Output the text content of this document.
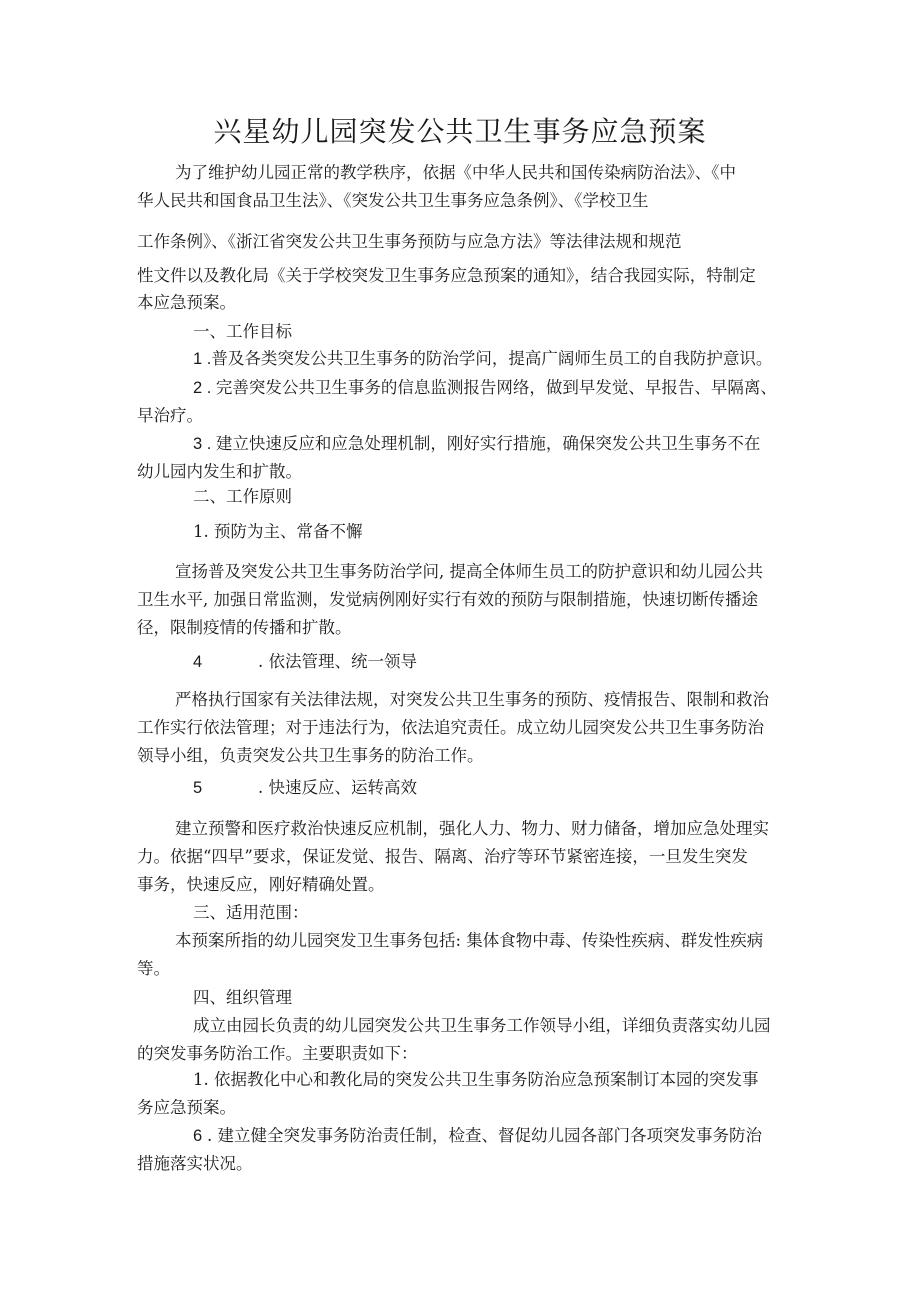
兴星幼儿园突发公共卫生事务应急预案
为了维护幼儿园正常的教学秩序，依据《中华人民共和国传染病防治法》、《中
华人民共和国食品卫生法》、《突发公共卫生事务应急条例》、《学校卫生
工作条例》、《浙江省突发公共卫生事务预防与应急方法》等法律法规和规范
性文件以及教化局《关于学校突发卫生事务应急预案的通知》，结合我园实际，特制定
本应急预案。
一、工作目标
1 .普及各类突发公共卫生事务的防治学问，提高广阔师生员工的自我防护意识。
2 . 完善突发公共卫生事务的信息监测报告网络，做到早发觉、早报告、早隔离、
早治疗。
3 . 建立快速反应和应急处理机制，刚好实行措施，确保突发公共卫生事务不在
幼儿园内发生和扩散。
二、工作原则
1. 预防为主、常备不懈
宣扬普及突发公共卫生事务防治学问, 提高全体师生员工的防护意识和幼儿园公共
卫生水平, 加强日常监测，发觉病例刚好实行有效的预防与限制措施，快速切断传播途
径，限制疫情的传播和扩散。
4	. 依法管理、统一领导
严格执行国家有关法律法规，对突发公共卫生事务的预防、疫情报告、限制和救治
工作实行依法管理；对于违法行为，依法追究责任。成立幼儿园突发公共卫生事务防治
领导小组，负责突发公共卫生事务的防治工作。
5	. 快速反应、运转高效
建立预警和医疗救治快速反应机制，强化人力、物力、财力储备，增加应急处理实
力。依据“四早”要求，保证发觉、报告、隔离、治疗等环节紧密连接，一旦发生突发
事务，快速反应，刚好精确处置。
三、适用范围：
本预案所指的幼儿园突发卫生事务包括: 集体食物中毒、传染性疾病、群发性疾病
等。
四、组织管理
成立由园长负责的幼儿园突发公共卫生事务工作领导小组，详细负责落实幼儿园
的突发事务防治工作。主要职责如下：
1. 依据教化中心和教化局的突发公共卫生事务防治应急预案制订本园的突发事
务应急预案。
6 . 建立健全突发事务防治责任制，检查、督促幼儿园各部门各项突发事务防治
措施落实状况。
